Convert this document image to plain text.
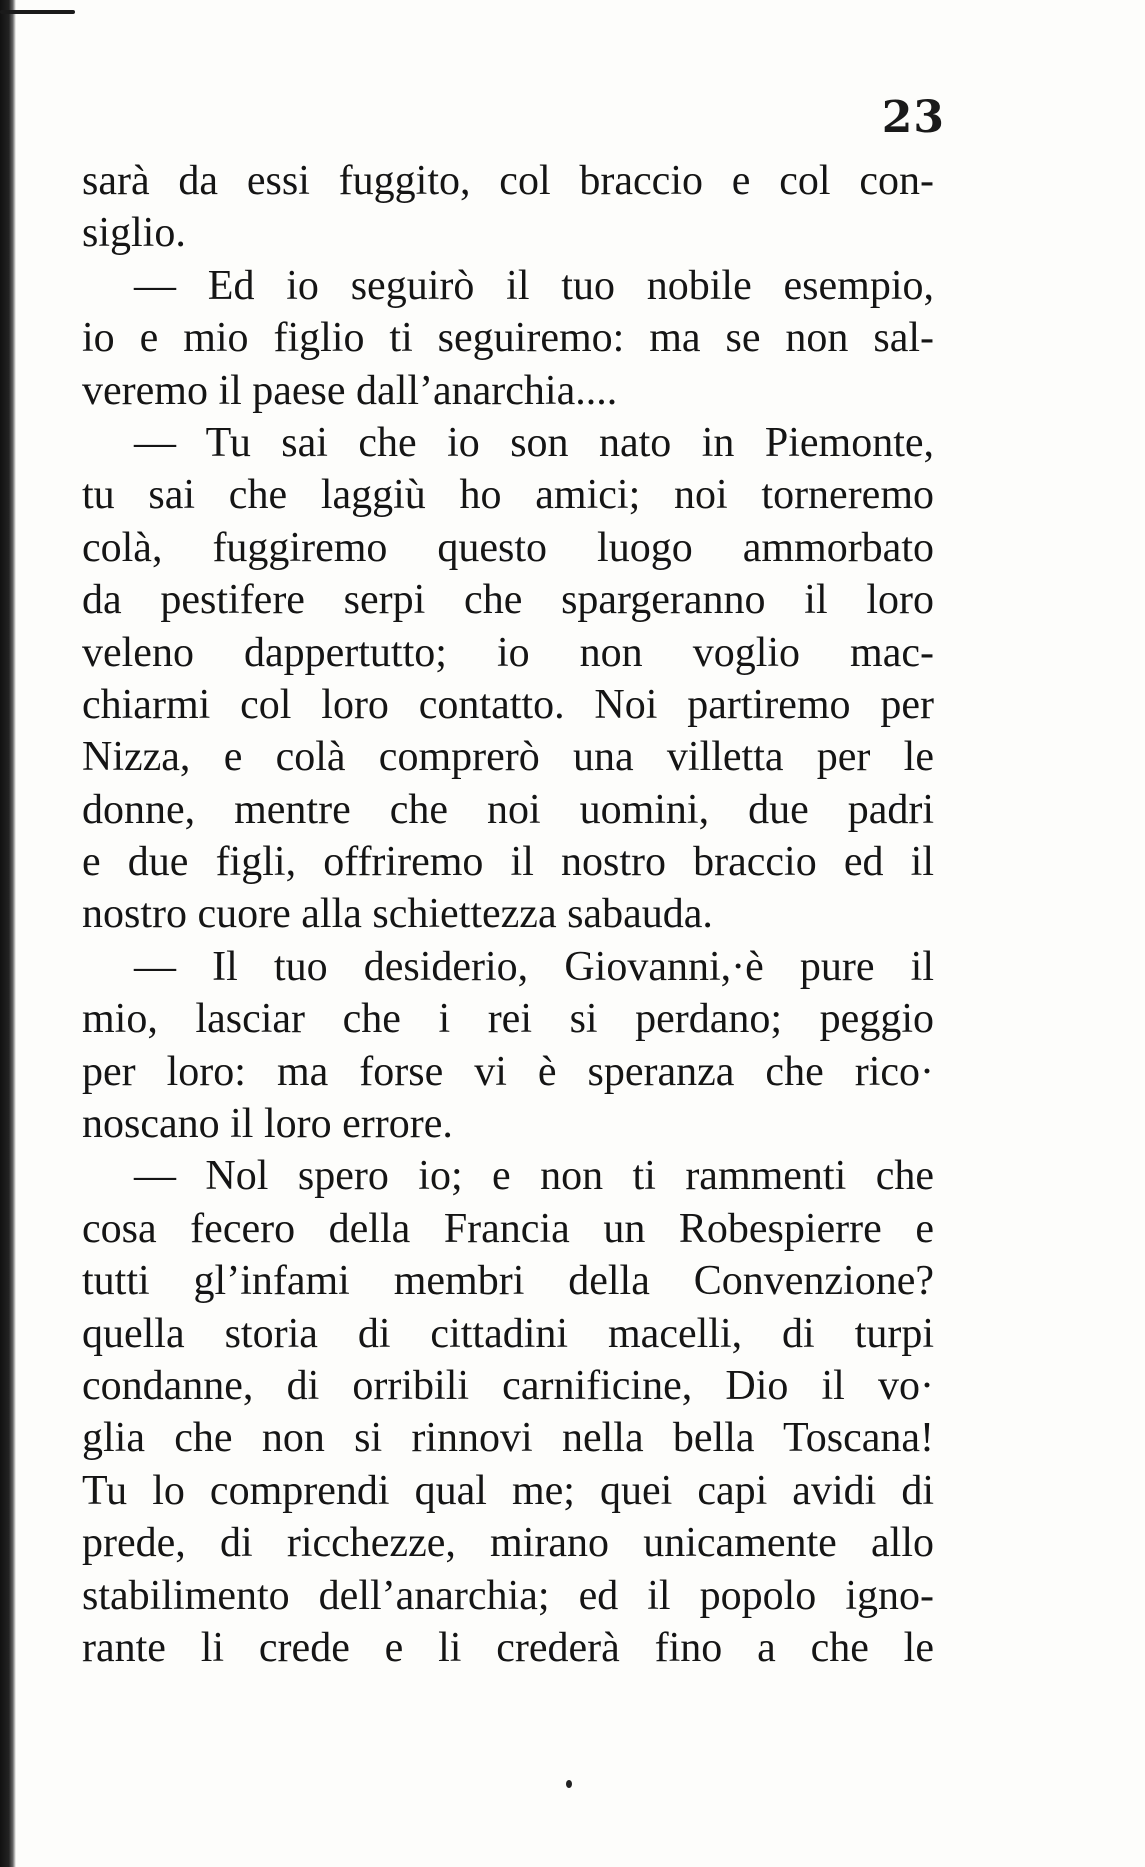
23
sarà da essi fuggito, col braccio e col con-
siglio.
— Ed io seguirò il tuo nobile esempio,
io e mio figlio ti seguiremo: ma se non sal-
veremo il paese dall’anarchia....
— Tu sai che io son nato in Piemonte,
tu sai che laggiù ho amici; noi torneremo
colà, fuggiremo questo luogo ammorbato
da pestifere serpi che spargeranno il loro
veleno dappertutto; io non voglio mac-
chiarmi col loro contatto. Noi partiremo per
Nizza, e colà comprerò una villetta per le
donne, mentre che noi uomini, due padri
e due figli, offriremo il nostro braccio ed il
nostro cuore alla schiettezza sabauda.
— Il tuo desiderio, Giovanni,·è pure il
mio, lasciar che i rei si perdano; peggio
per loro: ma forse vi è speranza che rico·
noscano il loro errore.
— Nol spero io; e non ti rammenti che
cosa fecero della Francia un Robespierre e
tutti gl’infami membri della Convenzione?
quella storia di cittadini macelli, di turpi
condanne, di orribili carnificine, Dio il vo·
glia che non si rinnovi nella bella Toscana!
Tu lo comprendi qual me; quei capi avidi di
prede, di ricchezze, mirano unicamente allo
stabilimento dell’anarchia; ed il popolo igno-
rante li crede e li crederà fino a che le
